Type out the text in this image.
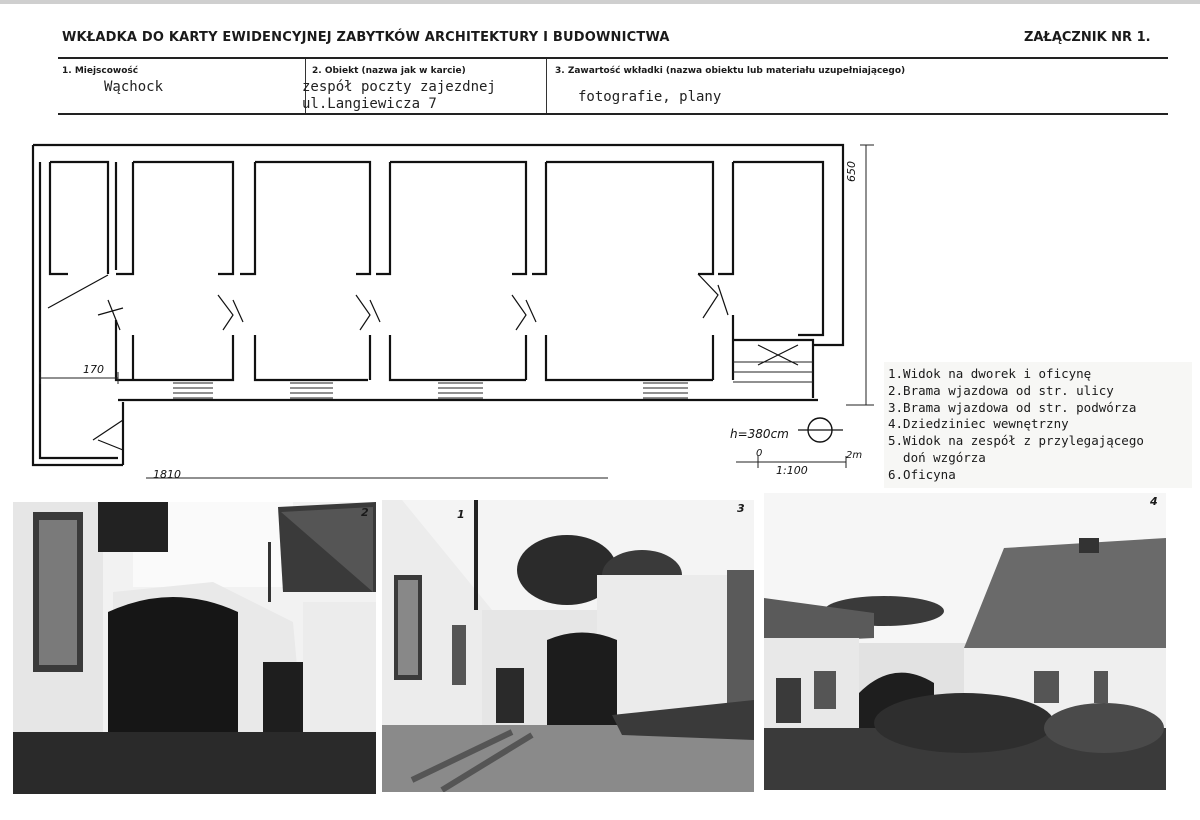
WKŁADKA DO KARTY EWIDENCYJNEJ ZABYTKÓW ARCHITEKTURY I BUDOWNICTWA	ZAŁĄCZNIK NR 1.
1. Miejscowość
Wąchock
2. Obiekt (nazwa jak w karcie)
zespół poczty zajezdnej
ul.Langiewicza 7
3. Zawartość wkładki (nazwa obiektu lub materiału uzupełniającego)
fotografie, plany
170
650
1810
h=380cm
0	2m
1:100
1.Widok na dworek i oficynę
2.Brama wjazdowa od str. ulicy
3.Brama wjazdowa od str. podwórza
4.Dziedziniec wewnętrzny
5.Widok na zespół z przylegającego
doń wzgórza
6.Oficyna
2	1	3
4
